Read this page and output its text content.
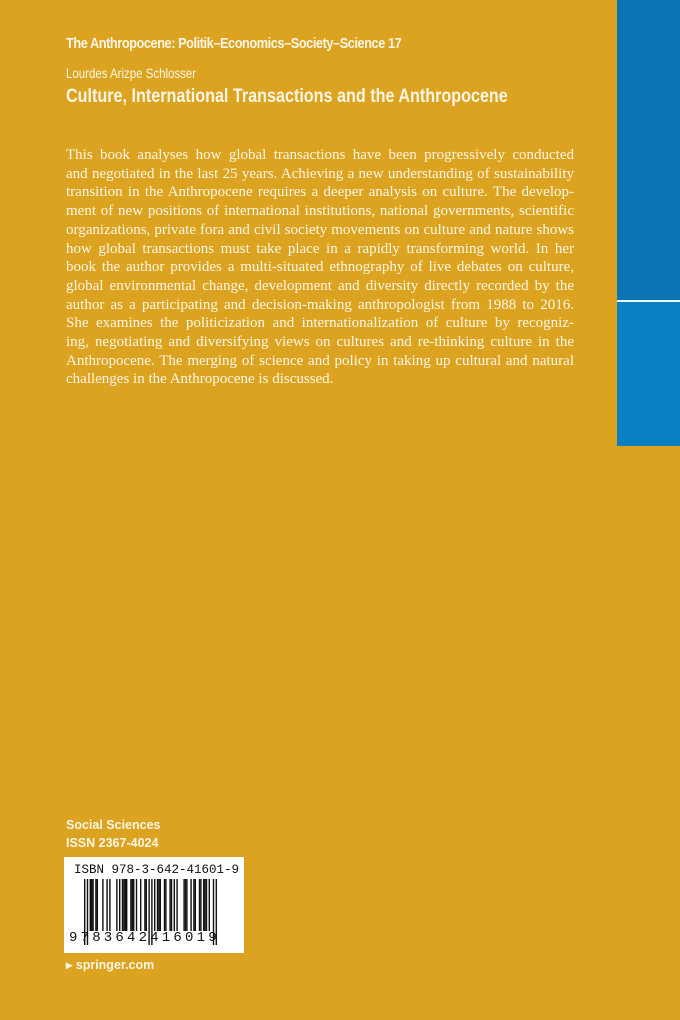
The Anthropocene: Politik–Economics–Society–Science 17
Lourdes Arizpe Schlosser
Culture, International Transactions and the Anthropocene
This book analyses how global transactions have been progressively conducted
and negotiated in the last 25 years. Achieving a new understanding of sustainability
transition in the Anthropocene requires a deeper analysis on culture. The develop-
ment of new positions of international institutions, national governments, scientific
organizations, private fora and civil society movements on culture and nature shows
how global transactions must take place in a rapidly transforming world. In her
book the author provides a multi-situated ethnography of live debates on culture,
global environmental change, development and diversity directly recorded by the
author as a participating and decision-making anthropologist from 1988 to 2016.
She examines the politicization and internationalization of culture by recogniz-
ing, negotiating and diversifying views on cultures and re-thinking culture in the
Anthropocene. The merging of science and policy in taking up cultural and natural
challenges in the Anthropocene is discussed.
Social Sciences
ISSN 2367-4024
ISBN 978-3-642-41601-9
9783642416019
▸ springer.com
